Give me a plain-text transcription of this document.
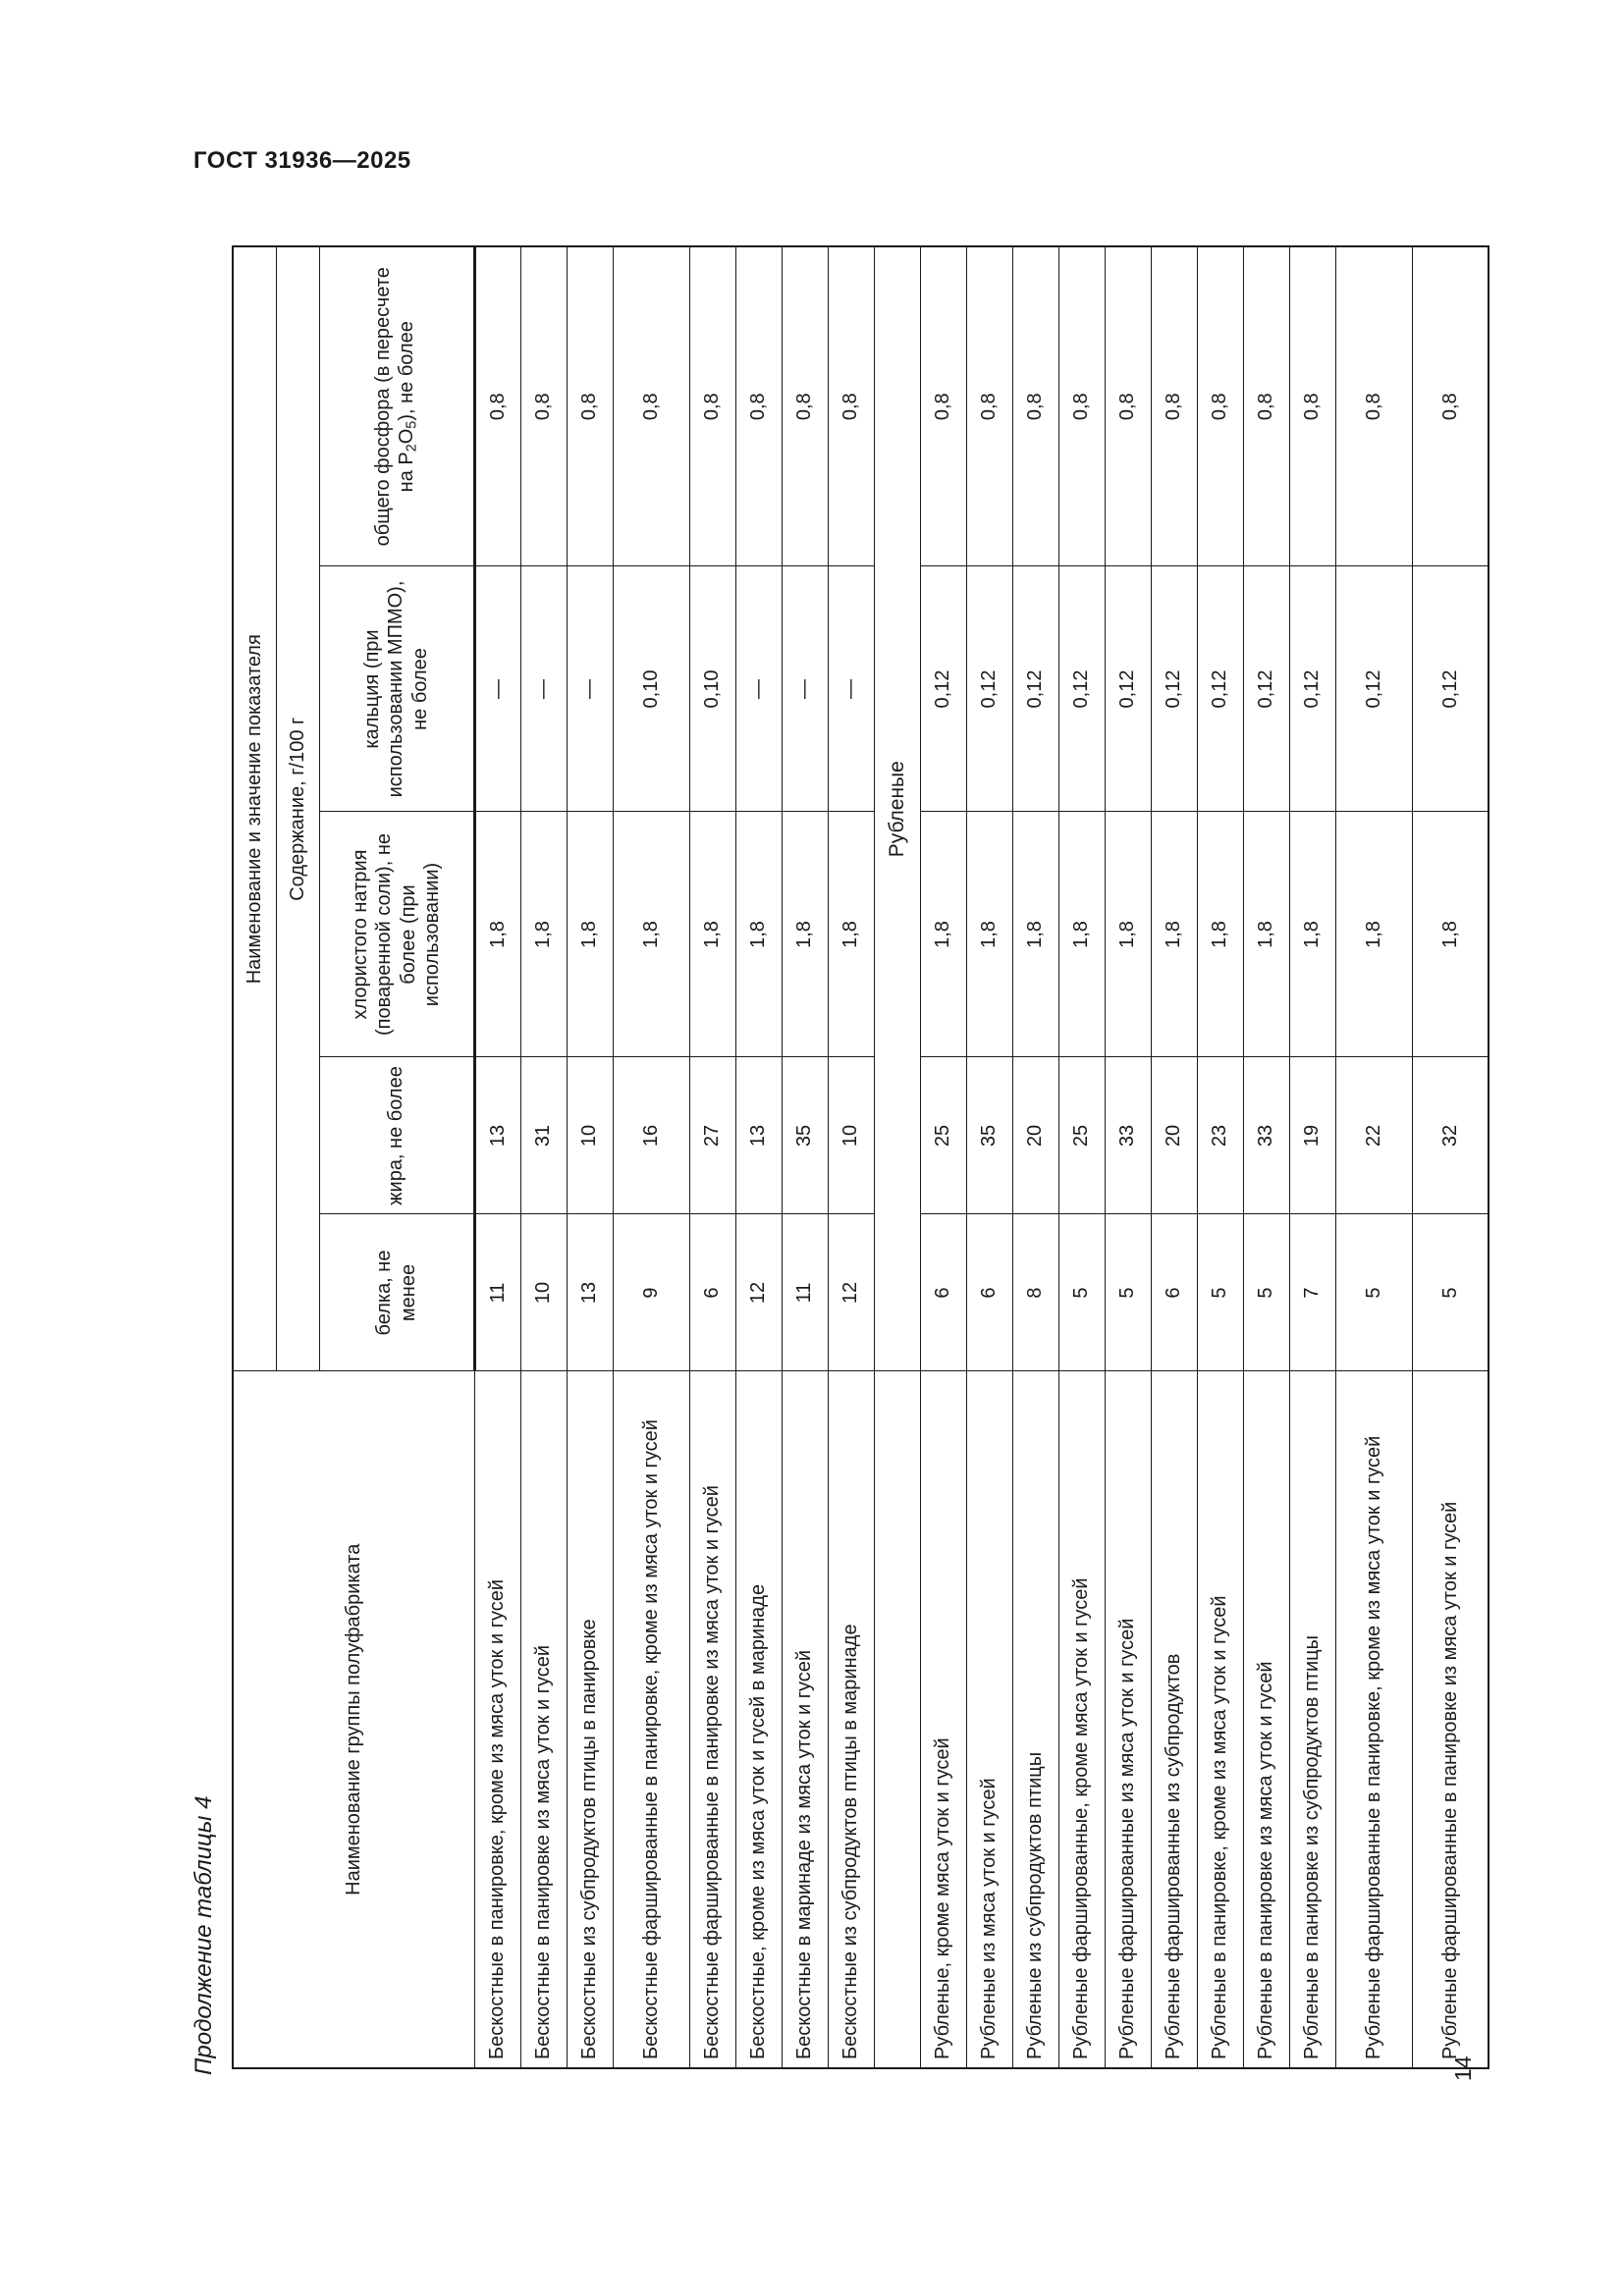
ГОСТ 31936—2025
Продолжение таблицы 4
Наименование группы полуфабриката	Наименование и значение показателя				
	Содержание, г/100 г				
	белка, не менее	жира, не более	хлористого натрия (поваренной соли), не более (при использовании)	кальция (при использовании МПМО), не более	общего фосфора (в пересчете на $P_2O_5$), не более
Бескостные в панировке, кроме из мяса уток и гусей	11	13	1,8	—	0,8
Бескостные в панировке из мяса уток и гусей	10	31	1,8	—	0,8
Бескостные из субпродуктов птицы в панировке	13	10	1,8	—	0,8
Бескостные фаршированные в панировке, кроме из мяса уток и гусей	9	16	1,8	0,10	0,8
Бескостные фаршированные в панировке из мяса уток и гусей	6	27	1,8	0,10	0,8
Бескостные, кроме из мяса уток и гусей в маринаде	12	13	1,8	—	0,8
Бескостные в маринаде из мяса уток и гусей	11	35	1,8	—	0,8
Бескостные из субпродуктов птицы в маринаде	12	10	1,8	—	0,8
	Рубленые				
Рубленые, кроме мяса уток и гусей	6	25	1,8	0,12	0,8
Рубленые из мяса уток и гусей	6	35	1,8	0,12	0,8
Рубленые из субпродуктов птицы	8	20	1,8	0,12	0,8
Рубленые фаршированные, кроме мяса уток и гусей	5	25	1,8	0,12	0,8
Рубленые фаршированные из мяса уток и гусей	5	33	1,8	0,12	0,8
Рубленые фаршированные из субпродуктов	6	20	1,8	0,12	0,8
Рубленые в панировке, кроме из мяса уток и гусей	5	23	1,8	0,12	0,8
Рубленые в панировке из мяса уток и гусей	5	33	1,8	0,12	0,8
Рубленые в панировке из субпродуктов птицы	7	19	1,8	0,12	0,8
Рубленые фаршированные в панировке, кроме из мяса уток и гусей	5	22	1,8	0,12	0,8
Рубленые фаршированные в панировке из мяса уток и гусей	5	32	1,8	0,12	0,8
14
